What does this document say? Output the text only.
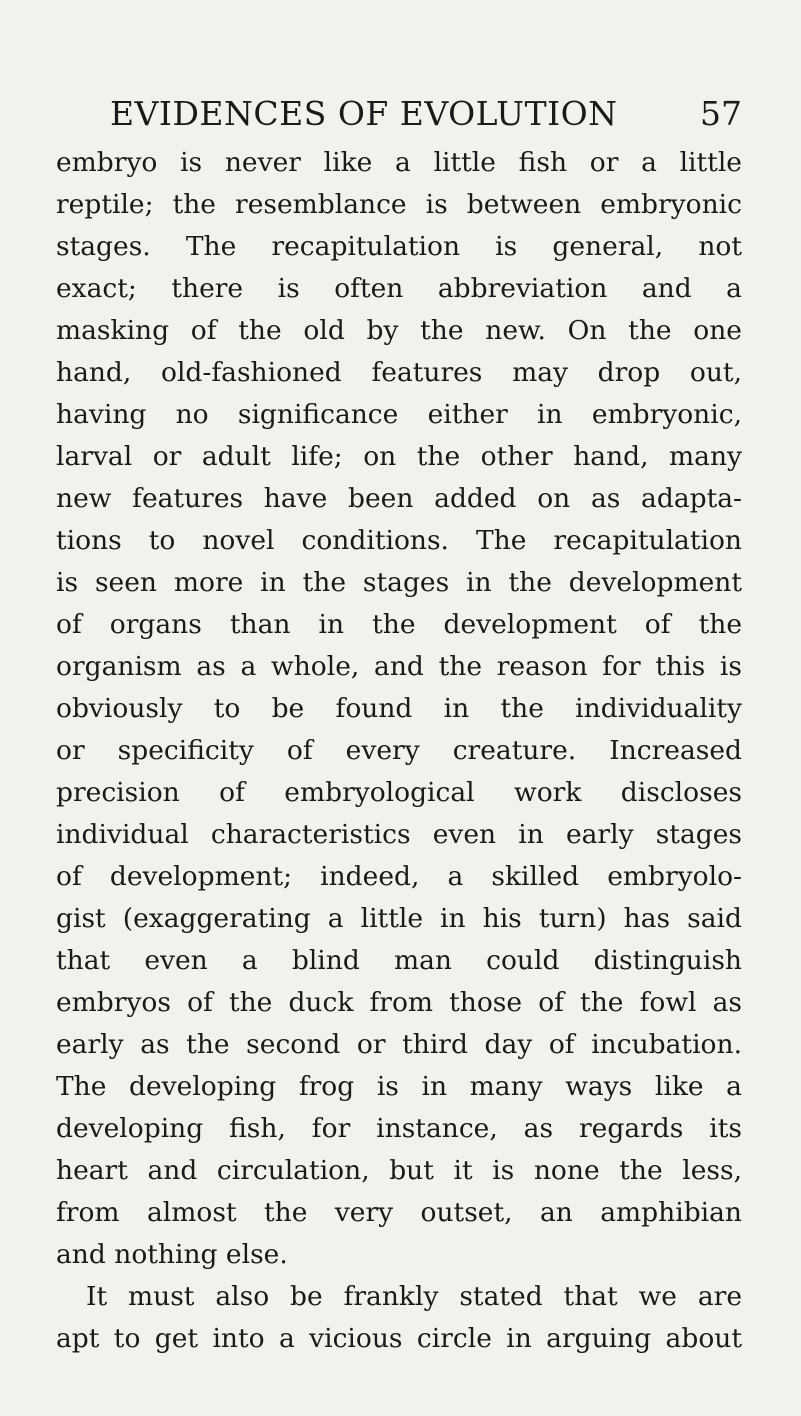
EVIDENCES OF EVOLUTION 57
embryo is never like a little fish or a little
reptile; the resemblance is between embryonic
stages. The recapitulation is general, not
exact; there is often abbreviation and a
masking of the old by the new. On the one
hand, old-fashioned features may drop out,
having no significance either in embryonic,
larval or adult life; on the other hand, many
new features have been added on as adapta-
tions to novel conditions. The recapitulation
is seen more in the stages in the development
of organs than in the development of the
organism as a whole, and the reason for this is
obviously to be found in the individuality
or specificity of every creature. Increased
precision of embryological work discloses
individual characteristics even in early stages
of development; indeed, a skilled embryolo-
gist (exaggerating a little in his turn) has said
that even a blind man could distinguish
embryos of the duck from those of the fowl as
early as the second or third day of incubation.
The developing frog is in many ways like a
developing fish, for instance, as regards its
heart and circulation, but it is none the less,
from almost the very outset, an amphibian
and nothing else.
It must also be frankly stated that we are
apt to get into a vicious circle in arguing about
